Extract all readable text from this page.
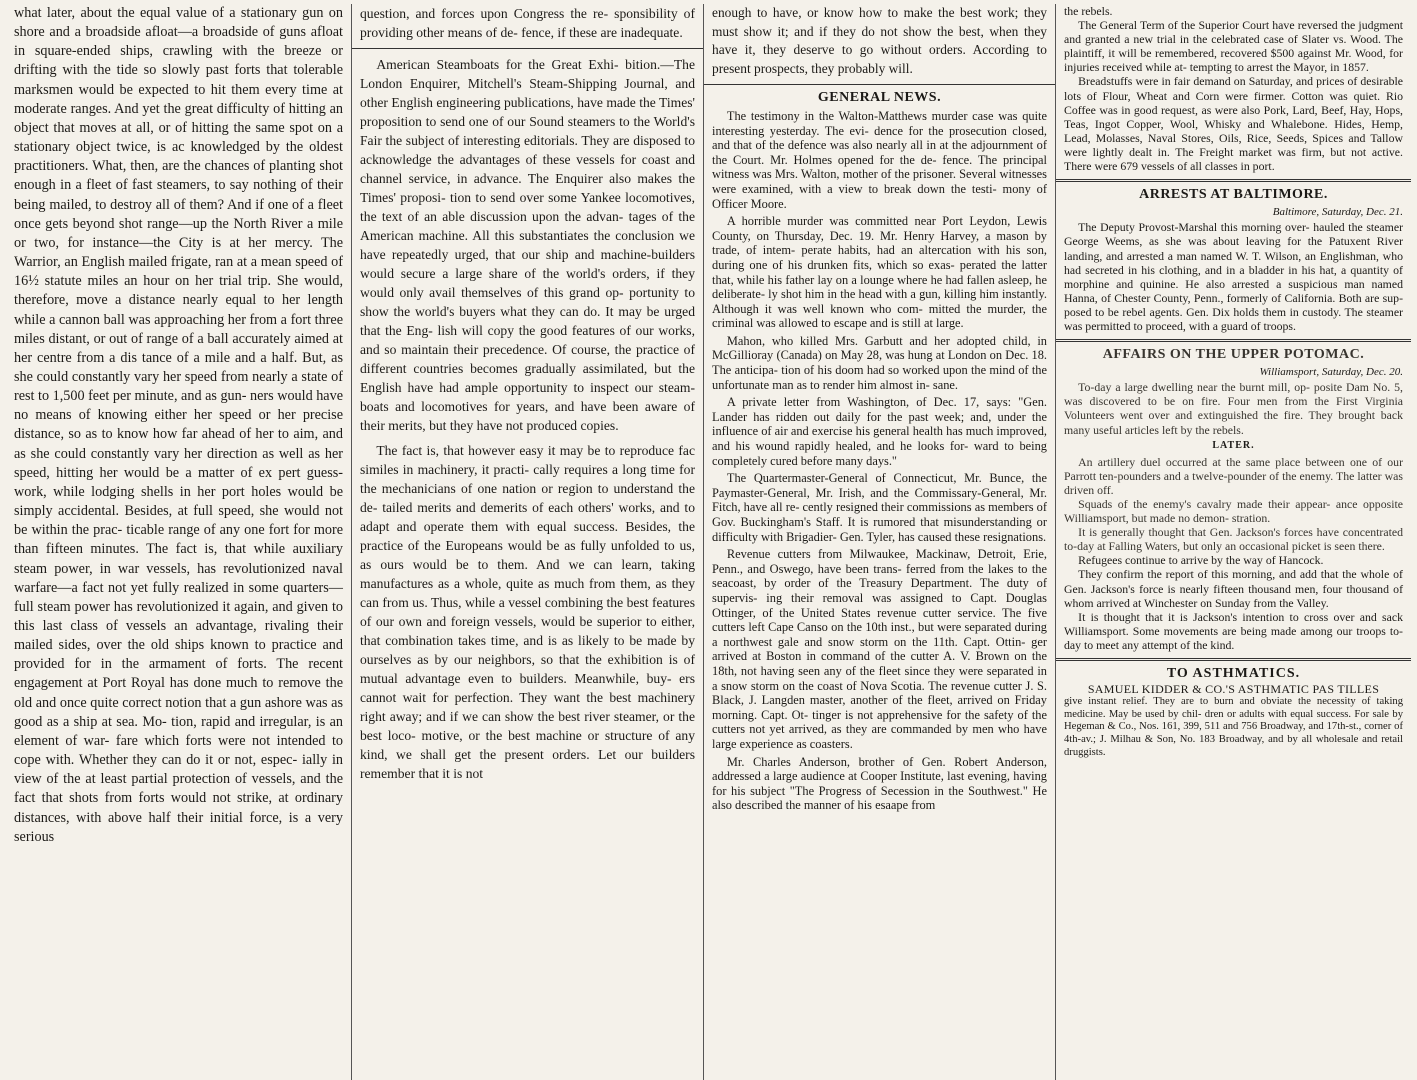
what later, about the equal value of a stationary gun on shore and a broadside afloat—a broadside of guns afloat in square-ended ships, crawling with the breeze or drifting with the tide so slowly past forts that tolerable marksmen would be expected to hit them every time at moderate ranges. And yet the great difficulty of hitting an object that moves at all, or of hitting the same spot on a stationary object twice, is ac knowledged by the oldest practitioners. What, then, are the chances of planting shot enough in a fleet of fast steamers, to say nothing of their being mailed, to destroy all of them? And if one of a fleet once gets beyond shot range—up the North River a mile or two, for instance—the City is at her mercy. The Warrior, an English mailed frigate, ran at a mean speed of 16½ statute miles an hour on her trial trip. She would, therefore, move a distance nearly equal to her length while a cannon ball was approaching her from a fort three miles distant, or out of range of a ball accurately aimed at her centre from a dis tance of a mile and a half. But, as she could constantly vary her speed from nearly a state of rest to 1,500 feet per minute, and as gun- ners would have no means of knowing either her speed or her precise distance, so as to know how far ahead of her to aim, and as she could constantly vary her direction as well as her speed, hitting her would be a matter of ex pert guess-work, while lodging shells in her port holes would be simply accidental. Besides, at full speed, she would not be within the prac- ticable range of any one fort for more than fifteen minutes. The fact is, that while auxiliary steam power, in war vessels, has revolutionized naval warfare—a fact not yet fully realized in some quarters—full steam power has revolutionized it again, and given to this last class of vessels an advantage, rivaling their mailed sides, over the old ships known to practice and provided for in the armament of forts. The recent engagement at Port Royal has done much to remove the old and once quite correct notion that a gun ashore was as good as a ship at sea. Mo- tion, rapid and irregular, is an element of war- fare which forts were not intended to cope with. Whether they can do it or not, espec- ially in view of the at least partial protection of vessels, and the fact that shots from forts would not strike, at ordinary distances, with above half their initial force, is a very serious

question, and forces upon Congress the re- sponsibility of providing other means of de- fence, if these are inadequate.

American Steamboats for the Great Exhi- bition.—The London Enquirer, Mitchell's Steam-Shipping Journal, and other English engineering publications, have made the Times' proposition to send one of our Sound steamers to the World's Fair the subject of interesting editorials. They are disposed to acknowledge the advantages of these vessels for coast and channel service, in advance. The Enquirer also makes the Times' proposi- tion to send over some Yankee locomotives, the text of an able discussion upon the advan- tages of the American machine. All this substantiates the conclusion we have repeatedly urged, that our ship and machine-builders would secure a large share of the world's orders, if they would only avail themselves of this grand op- portunity to show the world's buyers what they can do. It may be urged that the Eng- lish will copy the good features of our works, and so maintain their precedence. Of course, the practice of different countries becomes gradually assimilated, but the English have had ample opportunity to inspect our steam- boats and locomotives for years, and have been aware of their merits, but they have not produced copies.

The fact is, that however easy it may be to reproduce fac similes in machinery, it practi- cally requires a long time for the mechanicians of one nation or region to understand the de- tailed merits and demerits of each others' works, and to adapt and operate them with equal success. Besides, the practice of the Europeans would be as fully unfolded to us, as ours would be to them. And we can learn, taking manufactures as a whole, quite as much from them, as they can from us. Thus, while a vessel combining the best features of our own and foreign vessels, would be superior to either, that combination takes time, and is as likely to be made by ourselves as by our neighbors, so that the exhibition is of mutual advantage even to builders. Meanwhile, buy- ers cannot wait for perfection. They want the best machinery right away; and if we can show the best river steamer, or the best loco- motive, or the best machine or structure of any kind, we shall get the present orders. Let our builders remember that it is not

enough to have, or know how to make the best work; they must show it; and if they do not show the best, when they have it, they deserve to go without orders. According to present prospects, they probably will.

GENERAL NEWS.

The testimony in the Walton-Matthews murder case was quite interesting yesterday. The evi- dence for the prosecution closed, and that of the defence was also nearly all in at the adjournment of the Court. Mr. Holmes opened for the de- fence. The principal witness was Mrs. Walton, mother of the prisoner. Several witnesses were examined, with a view to break down the testi- mony of Officer Moore.

A horrible murder was committed near Port Leydon, Lewis County, on Thursday, Dec. 19. Mr. Henry Harvey, a mason by trade, of intem- perate habits, had an altercation with his son, during one of his drunken fits, which so exas- perated the latter that, while his father lay on a lounge where he had fallen asleep, he deliberate- ly shot him in the head with a gun, killing him instantly. Although it was well known who com- mitted the murder, the criminal was allowed to escape and is still at large.

Mahon, who killed Mrs. Garbutt and her adopted child, in McGillioray (Canada) on May 28, was hung at London on Dec. 18. The anticipa- tion of his doom had so worked upon the mind of the unfortunate man as to render him almost in- sane.

A private letter from Washington, of Dec. 17, says: "Gen. Lander has ridden out daily for the past week; and, under the influence of air and exercise his general health has much improved, and his wound rapidly healed, and he looks for- ward to being completely cured before many days."

The Quartermaster-General of Connecticut, Mr. Bunce, the Paymaster-General, Mr. Irish, and the Commissary-General, Mr. Fitch, have all re- cently resigned their commissions as members of Gov. Buckingham's Staff. It is rumored that misunderstanding or difficulty with Brigadier- Gen. Tyler, has caused these resignations.

Revenue cutters from Milwaukee, Mackinaw, Detroit, Erie, Penn., and Oswego, have been trans- ferred from the lakes to the seacoast, by order of the Treasury Department. The duty of supervis- ing their removal was assigned to Capt. Douglas Ottinger, of the United States revenue cutter service. The five cutters left Cape Canso on the 10th inst., but were separated during a northwest gale and snow storm on the 11th. Capt. Ottin- ger arrived at Boston in command of the cutter A. V. Brown on the 18th, not having seen any of the fleet since they were separated in a snow storm on the coast of Nova Scotia. The revenue cutter J. S. Black, J. Langden master, another of the fleet, arrived on Friday morning. Capt. Ot- tinger is not apprehensive for the safety of the cutters not yet arrived, as they are commanded by men who have large experience as coasters.

Mr. Charles Anderson, brother of Gen. Robert Anderson, addressed a large audience at Cooper Institute, last evening, having for his subject "The Progress of Secession in the Southwest." He also described the manner of his esaape from

the rebels.

The General Term of the Superior Court have reversed the judgment and granted a new trial in the celebrated case of Slater vs. Wood. The plaintiff, it will be remembered, recovered $500 against Mr. Wood, for injuries received while at- tempting to arrest the Mayor, in 1857.

Breadstuffs were in fair demand on Saturday, and prices of desirable lots of Flour, Wheat and Corn were firmer. Cotton was quiet. Rio Coffee was in good request, as were also Pork, Lard, Beef, Hay, Hops, Teas, Ingot Copper, Wool, Whisky and Whalebone. Hides, Hemp, Lead, Molasses, Naval Stores, Oils, Rice, Seeds, Spices and Tallow were lightly dealt in. The Freight market was firm, but not active. There were 679 vessels of all classes in port.

ARRESTS AT BALTIMORE.
Baltimore, Saturday, Dec. 21.

The Deputy Provost-Marshal this morning over- hauled the steamer George Weems, as she was about leaving for the Patuxent River landing, and arrested a man named W. T. Wilson, an Englishman, who had secreted in his clothing, and in a bladder in his hat, a quantity of morphine and quinine. He also arrested a suspicious man named Hanna, of Chester County, Penn., formerly of California. Both are sup- posed to be rebel agents. Gen. Dix holds them in custody. The steamer was permitted to proceed, with a guard of troops.

AFFAIRS ON THE UPPER POTOMAC.
Williamsport, Saturday, Dec. 20.

To-day a large dwelling near the burnt mill, op- posite Dam No. 5, was discovered to be on fire. Four men from the First Virginia Volunteers went over and extinguished the fire. They brought back many useful articles left by the rebels.

LATER.

An artillery duel occurred at the same place between one of our Parrott ten-pounders and a twelve-pounder of the enemy. The latter was driven off.

Squads of the enemy's cavalry made their appear- ance opposite Williamsport, but made no demon- stration.

It is generally thought that Gen. Jackson's forces have concentrated to-day at Falling Waters, but only an occasional picket is seen there.

Refugees continue to arrive by the way of Hancock.

They confirm the report of this morning, and add that the whole of Gen. Jackson's force is nearly fifteen thousand men, four thousand of whom arrived at Winchester on Sunday from the Valley.

It is thought that it is Jackson's intention to cross over and sack Williamsport. Some movements are being made among our troops to-day to meet any attempt of the kind.

TO ASTHMATICS.
SAMUEL KIDDER & CO.'S ASTHMATIC PAS TILLES

give instant relief. They are to burn and obviate the necessity of taking medicine. May be used by chil- dren or adults with equal success. For sale by Hegeman & Co., Nos. 161, 399, 511 and 756 Broadway, and 17th-st., corner of 4th-av.; J. Milhau & Son, No. 183 Broadway, and by all wholesale and retail druggists.
